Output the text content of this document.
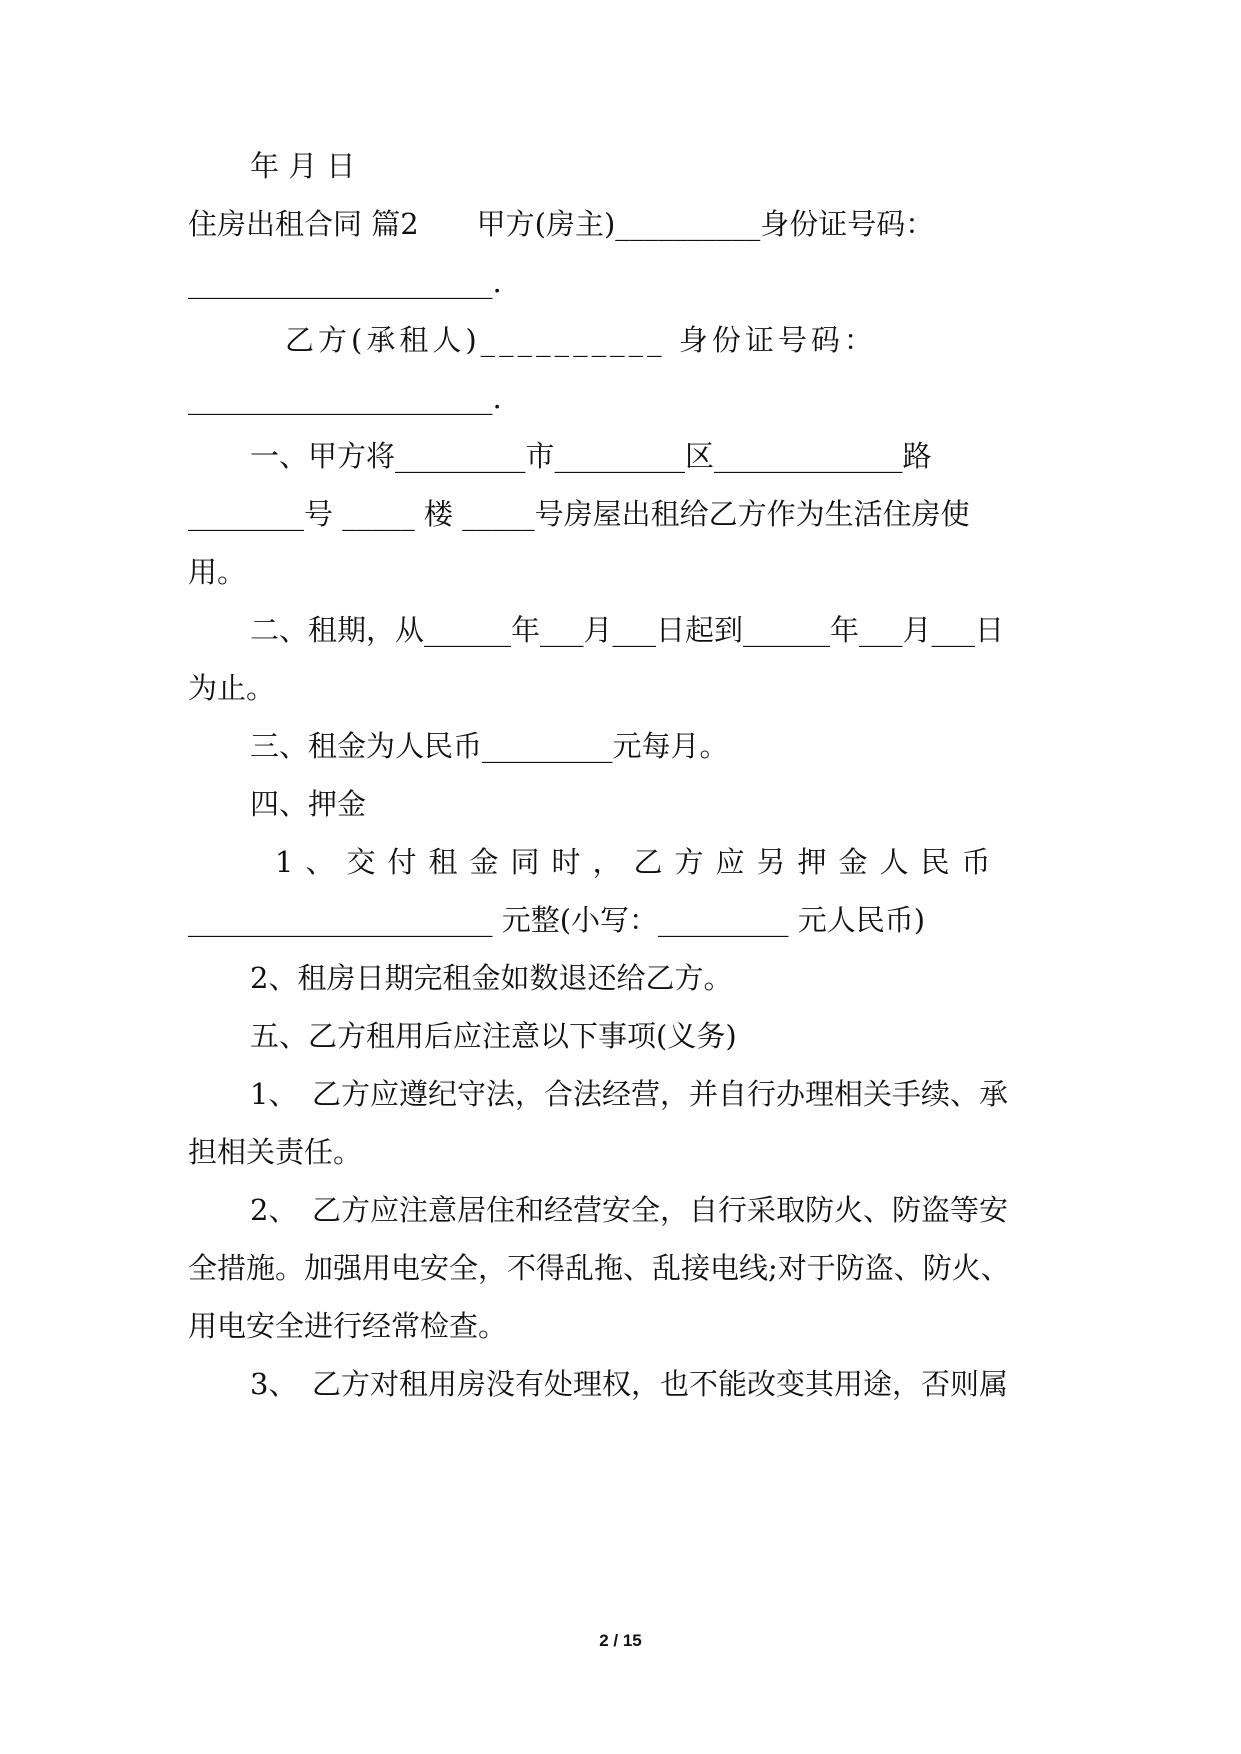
年 月 日
住房出租合同 篇2　　甲方(房主)__________身份证号码：
_____________________.
乙方(承租人)__________ 身份证号码：
_____________________.
一、甲方将_________市_________区_____________路
________号 _____ 楼 _____号房屋出租给乙方作为生活住房使
用。
二、租期，从______年___月___日起到______年___月___日
为止。
三、租金为人民币_________元每月。
四、押金
1、交付租金同时，乙方应另押金人民币
_____________________ 元整(小写：_________ 元人民币)
2、租房日期完租金如数退还给乙方。
五、乙方租用后应注意以下事项(义务)
1、　乙方应遵纪守法，合法经营，并自行办理相关手续、承
担相关责任。
2、　乙方应注意居住和经营安全，自行采取防火、防盗等安
全措施。加强用电安全，不得乱拖、乱接电线;对于防盗、防火、
用电安全进行经常检查。
3、　乙方对租用房没有处理权，也不能改变其用途，否则属
2 / 15
